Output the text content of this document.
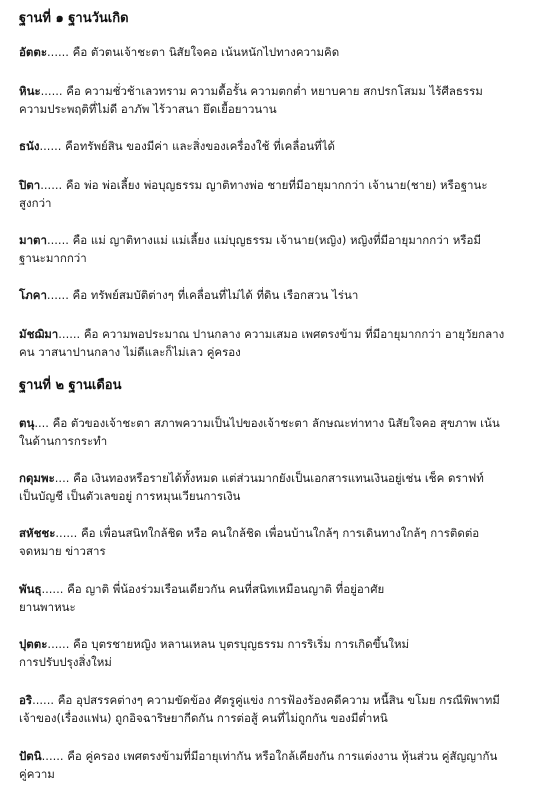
ฐานที่ ๑ ฐานวันเกิด
อัตตะ...... คือ ตัวตนเจ้าชะตา นิสัยใจคอ เน้นหนักไปทางความคิด
หินะ...... คือ ความชั่วช้าเลวทราม ความดื้อรั้น ความตกต่ำ หยาบคาย สกปรกโสมม ไร้ศีลธรรม
ความประพฤติที่ไม่ดี อาภัพ ไร้วาสนา ยึดเยื้อยาวนาน
ธนัง...... คือทรัพย์สิน ของมีค่า และสิ่งของเครื่องใช้ ที่เคลื่อนที่ได้
ปิตา...... คือ พ่อ พ่อเลี้ยง พ่อบุญธรรม ญาติทางพ่อ ชายที่มีอายุมากกว่า เจ้านาย(ชาย) หรือฐานะ
สูงกว่า
มาตา...... คือ แม่ ญาติทางแม่ แม่เลี้ยง แม่บุญธรรม เจ้านาย(หญิง) หญิงที่มีอายุมากกว่า หรือมี
ฐานะมากกว่า
โภคา...... คือ ทรัพย์สมบัติต่างๆ ที่เคลื่อนที่ไม่ได้ ที่ดิน เรือกสวน ไร่นา
มัชฌิมา...... คือ ความพอประมาณ ปานกลาง ความเสมอ เพศตรงข้าม ที่มีอายุมากกว่า อายุวัยกลาง
คน วาสนาปานกลาง ไม่ดีและก็ไม่เลว คู่ครอง
ฐานที่ ๒ ฐานเดือน
ตนุ.... คือ ตัวของเจ้าชะตา สภาพความเป็นไปของเจ้าชะตา ลักษณะท่าทาง นิสัยใจคอ สุขภาพ เน้น
ในด้านการกระทำ
กดุมพะ.... คือ เงินทองหรือรายได้ทั้งหมด แต่ส่วนมากยังเป็นเอกสารแทนเงินอยู่เช่น เช็ค ดราฟท์
เป็นบัญชี เป็นตัวเลขอยู่ การหมุนเวียนการเงิน
สหัชชะ...... คือ เพื่อนสนิทใกล้ชิด หรือ คนใกล้ชิด เพื่อนบ้านใกล้ๆ การเดินทางใกล้ๆ การติดต่อ
จดหมาย ข่าวสาร
พันธุ...... คือ ญาติ พี่น้องร่วมเรือนเดียวกัน คนที่สนิทเหมือนญาติ ที่อยู่อาศัย
ยานพาหนะ
ปุตตะ...... คือ บุตรชายหญิง หลานเหลน บุตรบุญธรรม การริเริ่ม การเกิดขึ้นใหม่
การปรับปรุงสิ่งใหม่
อริ...... คือ อุปสรรคต่างๆ ความขัดข้อง ศัตรูคู่แข่ง การฟ้องร้องคดีความ หนี้สิน ขโมย กรณีพิพาทมี
เจ้าของ(เรื่องแฟน) ถูกอิจฉาริษยากีดกัน การต่อสู้ คนที่ไม่ถูกกัน ของมีต่ำหนิ
ปัตนิ...... คือ คู่ครอง เพศตรงข้ามที่มีอายุเท่ากัน หรือใกล้เคียงกัน การแต่งงาน หุ้นส่วน คู่สัญญากัน
คู่ความ
